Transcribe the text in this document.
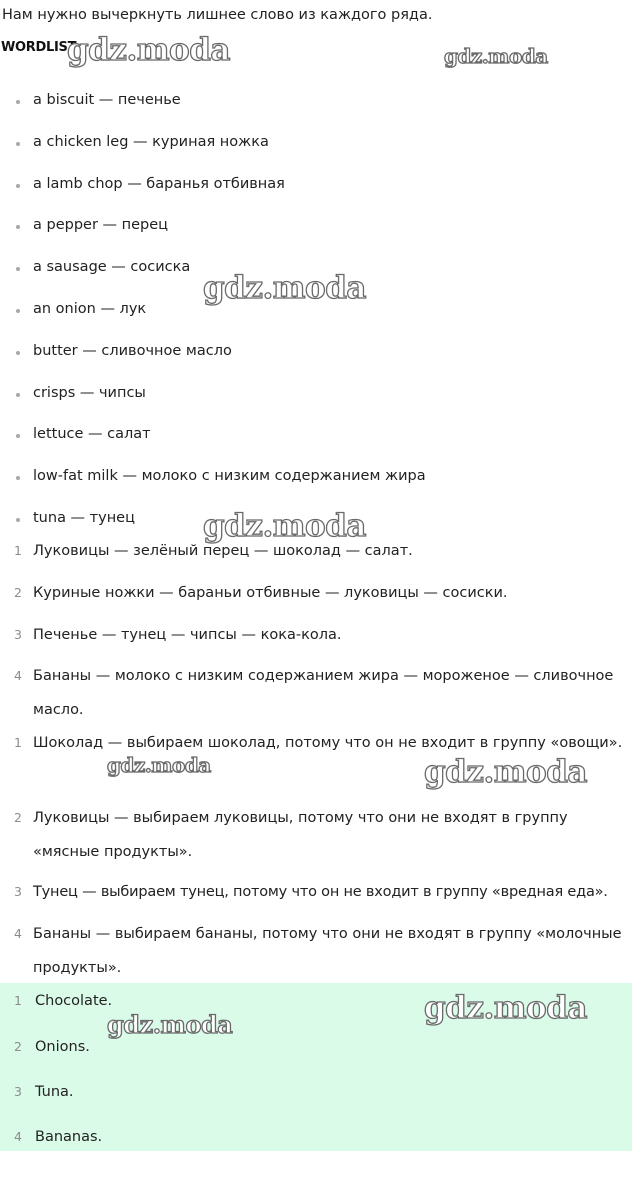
Нам нужно вычеркнуть лишнее слово из каждого ряда.
WORDLIST
gdz.moda	gdz.moda
gdz.moda
gdz.moda
gdz.moda	gdz.moda
a biscuit — печенье
a chicken leg — куриная ножка
a lamb chop — баранья отбивная
a pepper — перец
a sausage — сосиска
an onion — лук
butter — сливочное масло
crisps — чипсы
lettuce — салат
low-fat milk — молоко с низким содержанием жира
tuna — тунец
1 Луковицы — зелёный перец — шоколад — салат.
2 Куриные ножки — бараньи отбивные — луковицы — сосиски.
3 Печенье — тунец — чипсы — кока-кола.
4 Бананы — молоко с низким содержанием жира — мороженое — сливочное масло.
1 Шоколад — выбираем шоколад, потому что он не входит в группу «овощи».
2 Луковицы — выбираем луковицы, потому что они не входят в группу «мясные продукты».
3 Тунец — выбираем тунец, потому что он не входит в группу «вредная еда».
4 Бананы — выбираем бананы, потому что они не входят в группу «молочные продукты».
1 Chocolate.
2 Onions.
3 Tuna.
4 Bananas.
gdz.moda	gdz.moda
